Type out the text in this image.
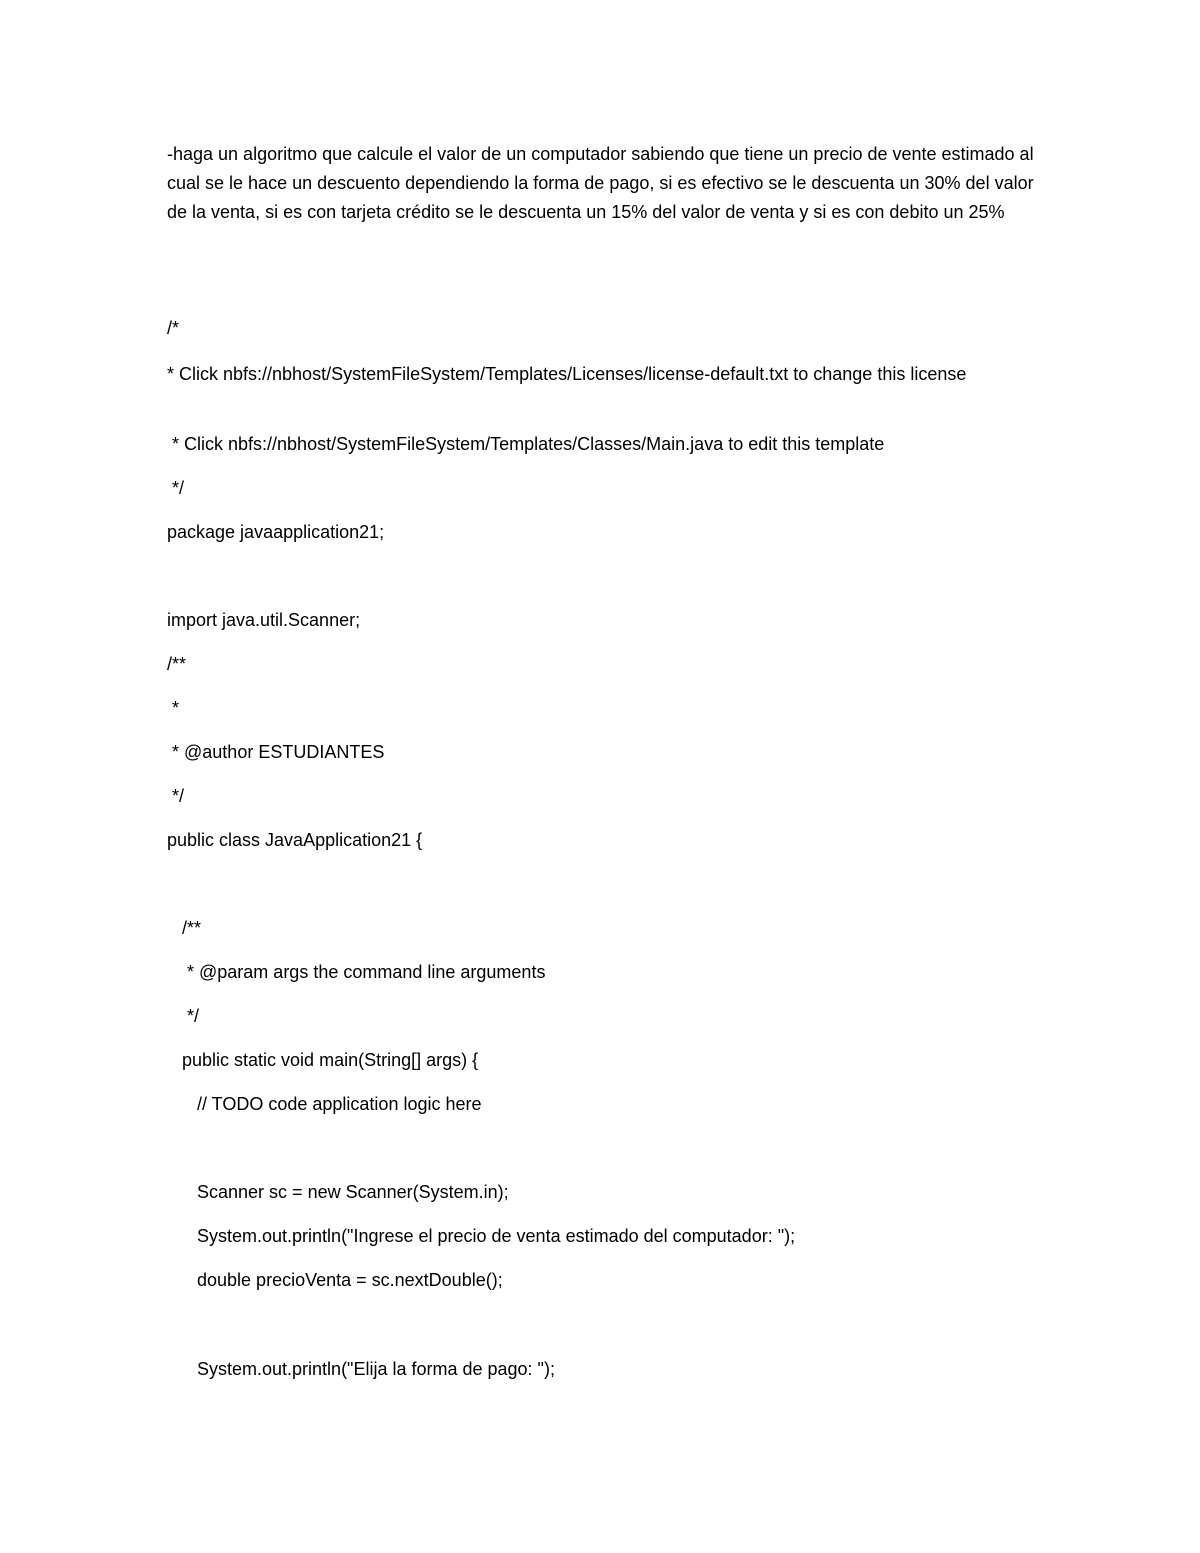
-haga un algoritmo que calcule el valor de un computador sabiendo que tiene un precio de vente estimado al cual se le hace un descuento dependiendo la forma de pago, si es efectivo se le descuenta un 30% del valor de la venta, si es con tarjeta crédito se le descuenta un 15% del valor de venta y si es con debito un 25%

/*
* Click nbfs://nbhost/SystemFileSystem/Templates/Licenses/license-default.txt to change this license
* Click nbfs://nbhost/SystemFileSystem/Templates/Classes/Main.java to edit this template
*/
package javaapplication21;
import java.util.Scanner;
/**
*
* @author ESTUDIANTES
*/
public class JavaApplication21 {
/**
* @param args the command line arguments
*/
public static void main(String[] args) {
// TODO code application logic here
Scanner sc = new Scanner(System.in);
System.out.println("Ingrese el precio de venta estimado del computador: ");
double precioVenta = sc.nextDouble();
System.out.println("Elija la forma de pago: ");
